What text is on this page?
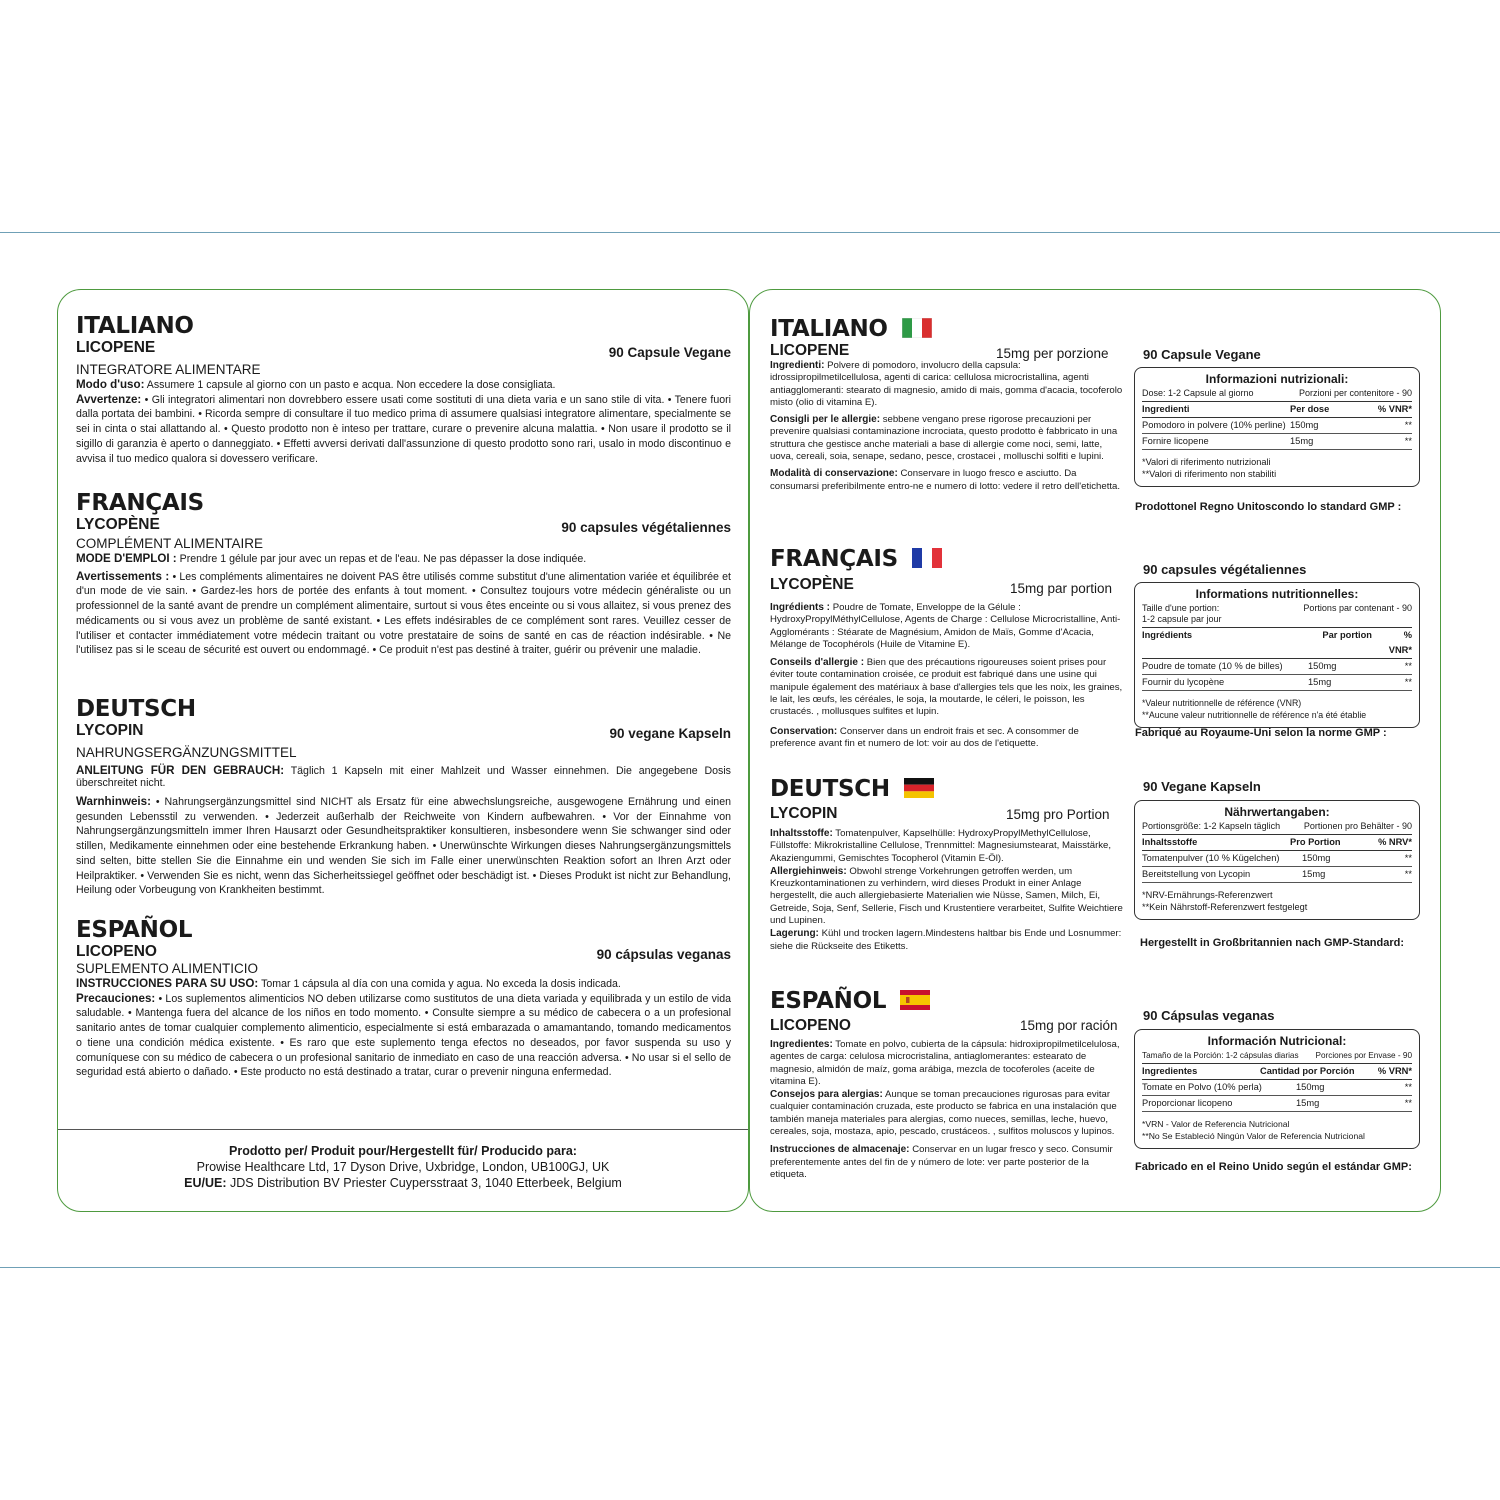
ITALIANO
LICOPENE	90 Capsule Vegane
INTEGRATORE ALIMENTARE

Modo d'uso: Assumere 1 capsule al giorno con un pasto e acqua. Non eccedere la dose consigliata.

Avvertenze: • Gli integratori alimentari non dovrebbero essere usati come sostituti di una dieta varia e un sano stile di vita. • Tenere fuori dalla portata dei bambini. • Ricorda sempre di consultare il tuo medico prima di assumere qualsiasi integratore alimentare, specialmente se sei in cinta o stai allattando al. • Questo prodotto non è inteso per trattare, curare o prevenire alcuna malattia. • Non usare il prodotto se il sigillo di garanzia è aperto o danneggiato. • Effetti avversi derivati dall'assunzione di questo prodotto sono rari, usalo in modo discontinuo e avvisa il tuo medico qualora si dovessero verificare.

FRANÇAIS
LYCOPÈNE	90 capsules végétaliennes
COMPLÉMENT ALIMENTAIRE

MODE D'EMPLOI : Prendre 1 gélule par jour avec un repas et de l'eau. Ne pas dépasser la dose indiquée.

Avertissements : • Les compléments alimentaires ne doivent PAS être utilisés comme substitut d'une alimentation variée et équilibrée et d'un mode de vie sain. • Gardez-les hors de portée des enfants à tout moment. • Consultez toujours votre médecin généraliste ou un professionnel de la santé avant de prendre un complément alimentaire, surtout si vous êtes enceinte ou si vous allaitez, si vous prenez des médicaments ou si vous avez un problème de santé existant. • Les effets indésirables de ce complément sont rares. Veuillez cesser de l'utiliser et contacter immédiatement votre médecin traitant ou votre prestataire de soins de santé en cas de réaction indésirable. • Ne l'utilisez pas si le sceau de sécurité est ouvert ou endommagé. • Ce produit n'est pas destiné à traiter, guérir ou prévenir une maladie.

DEUTSCH
LYCOPIN	90 vegane Kapseln
NAHRUNGSERGÄNZUNGSMITTEL

ANLEITUNG FÜR DEN GEBRAUCH: Täglich 1 Kapseln mit einer Mahlzeit und Wasser einnehmen. Die angegebene Dosis überschreitet nicht.

Warnhinweis: • Nahrungsergänzungsmittel sind NICHT als Ersatz für eine abwechslungsreiche, ausgewogene Ernährung und einen gesunden Lebensstil zu verwenden. • Jederzeit außerhalb der Reichweite von Kindern aufbewahren. • Vor der Einnahme von Nahrungsergänzungsmitteln immer Ihren Hausarzt oder Gesundheitspraktiker konsultieren, insbesondere wenn Sie schwanger sind oder stillen, Medikamente einnehmen oder eine bestehende Erkrankung haben. • Unerwünschte Wirkungen dieses Nahrungsergänzungsmittels sind selten, bitte stellen Sie die Einnahme ein und wenden Sie sich im Falle einer unerwünschten Reaktion sofort an Ihren Arzt oder Heilpraktiker. • Verwenden Sie es nicht, wenn das Sicherheitssiegel geöffnet oder beschädigt ist. • Dieses Produkt ist nicht zur Behandlung, Heilung oder Vorbeugung von Krankheiten bestimmt.

ESPAÑOL
LICOPENO	90 cápsulas veganas
SUPLEMENTO ALIMENTICIO

INSTRUCCIONES PARA SU USO: Tomar 1 cápsula al día con una comida y agua. No exceda la dosis indicada.

Precauciones: • Los suplementos alimenticios NO deben utilizarse como sustitutos de una dieta variada y equilibrada y un estilo de vida saludable. • Mantenga fuera del alcance de los niños en todo momento. • Consulte siempre a su médico de cabecera o a un profesional sanitario antes de tomar cualquier complemento alimenticio, especialmente si está embarazada o amamantando, tomando medicamentos o tiene una condición médica existente. • Es raro que este suplemento tenga efectos no deseados, por favor suspenda su uso y comuníquese con su médico de cabecera o un profesional sanitario de inmediato en caso de una reacción adversa. • No usar si el sello de seguridad está abierto o dañado. • Este producto no está destinado a tratar, curar o prevenir ninguna enfermedad.

Prodotto per/ Produit pour/Hergestellt für/ Producido para:
Prowise Healthcare Ltd, 17 Dyson Drive, Uxbridge, London, UB100GJ, UK
EU/UE: JDS Distribution BV Priester Cuypersstraat 3, 1040 Etterbeek, Belgium
ITALIANO
LICOPENE

Ingredienti: Polvere di pomodoro, involucro della capsula: idrossipropilmetilcellulosa, agenti di carica: cellulosa microcristallina, agenti antiagglomeranti: stearato di magnesio, amido di mais, gomma d'acacia, tocoferolo misto (olio di vitamina E).

Consigli per le allergie: sebbene vengano prese rigorose precauzioni per prevenire qualsiasi contaminazione incrociata, questo prodotto è fabbricato in una struttura che gestisce anche materiali a base di allergie come noci, semi, latte, uova, cereali, soia, senape, sedano, pesce, crostacei , molluschi solfiti e lupini.

Modalità di conservazione: Conservare in luogo fresco e asciutto. Da consumarsi preferibilmente entro-ne e numero di lotto: vedere il retro dell'etichetta.

15mg per porzione	90 Capsule Vegane
Informazioni nutrizionali:
Dose: 1-2 Capsule al giorno	Porzioni per contenitore - 90
Ingredienti	Per dose	% VNR*
Pomodoro in polvere (10% perline) 150mg	**
Fornire licopene	15mg	**
*Valori di riferimento nutrizionali
**Valori di riferimento non stabiliti
Prodottonel Regno Unitoscondo lo standard GMP :
FRANÇAIS
LYCOPÈNE

Ingrédients : Poudre de Tomate, Enveloppe de la Gélule : HydroxyPropylMéthylCellulose, Agents de Charge : Cellulose Microcristalline, Anti-Agglomérants : Stéarate de Magnésium, Amidon de Maïs, Gomme d'Acacia, Mélange de Tocophérols (Huile de Vitamine E).

Conseils d'allergie : Bien que des précautions rigoureuses soient prises pour éviter toute contamination croisée, ce produit est fabriqué dans une usine qui manipule également des matériaux à base d'allergies tels que les noix, les graines, le lait, les œufs, les céréales, le soja, la moutarde, le céleri, le poisson, les crustacés. , mollusques sulfites et lupin.

Conservation: Conserver dans un endroit frais et sec. A consommer de preference avant fin et numero de lot: voir au dos de l'etiquette.

15mg par portion
90 capsules végétaliennes
Informations nutritionnelles:
Taille d'une portion:
1-2 capsule par jour
Portions par contenant - 90
Ingrédients	Par portion	% VNR*
Poudre de tomate (10 % de billes)	150mg	**
Fournir du lycopène	15mg	**
*Valeur nutritionnelle de référence (VNR)
**Aucune valeur nutritionnelle de référence n'a été établie
Fabriqué au Royaume-Uni selon la norme GMP :
DEUTSCH
LYCOPIN

Inhaltsstoffe: Tomatenpulver, Kapselhülle: HydroxyPropylMethylCellulose, Füllstoffe: Mikrokristalline Cellulose, Trennmittel: Magnesiumstearat, Maisstärke, Akaziengummi, Gemischtes Tocopherol (Vitamin E-Öl).

Allergiehinweis: Obwohl strenge Vorkehrungen getroffen werden, um Kreuzkontaminationen zu verhindern, wird dieses Produkt in einer Anlage hergestellt, die auch allergiebasierte Materialien wie Nüsse, Samen, Milch, Ei, Getreide, Soja, Senf, Sellerie, Fisch und Krustentiere verarbeitet, Sulfite Weichtiere und Lupinen.

Lagerung: Kühl und trocken lagern.Mindestens haltbar bis Ende und Losnummer: siehe die Rückseite des Etiketts.

15mg pro Portion
90 Vegane Kapseln
Nährwertangaben:
Portionsgröße: 1-2 Kapseln täglich	Portionen pro Behälter - 90
Inhaltsstoffe	Pro Portion	% NRV*
Tomatenpulver (10 % Kügelchen)	150mg	**
Bereitstellung von Lycopin	15mg	**
*NRV-Ernährungs-Referenzwert
**Kein Nährstoff-Referenzwert festgelegt
Hergestellt in Großbritannien nach GMP-Standard:
ESPAÑOL
LICOPENO

Ingredientes: Tomate en polvo, cubierta de la cápsula: hidroxipropilmetilcelulosa, agentes de carga: celulosa microcristalina, antiaglomerantes: estearato de magnesio, almidón de maíz, goma arábiga, mezcla de tocoferoles (aceite de vitamina E).

Consejos para alergias: Aunque se toman precauciones rigurosas para evitar cualquier contaminación cruzada, este producto se fabrica en una instalación que también maneja materiales para alergias, como nueces, semillas, leche, huevo, cereales, soja, mostaza, apio, pescado, crustáceos. , sulfitos moluscos y lupinos.

Instrucciones de almacenaje: Conservar en un lugar fresco y seco. Consumir preferentemente antes del fin de y número de lote: ver parte posterior de la etiqueta.

15mg por ración
90 Cápsulas veganas
Información Nutricional:
Tamaño de la Porción: 1-2 cápsulas diarias Porciones por Envase - 90
Ingredientes	Cantidad por Porción	% VRN*
Tomate en Polvo (10% perla)	150mg	**
Proporcionar licopeno	15mg	**
*VRN - Valor de Referencia Nutricional
**No Se Estableció Ningún Valor de Referencia Nutricional
Fabricado en el Reino Unido según el estándar GMP:
